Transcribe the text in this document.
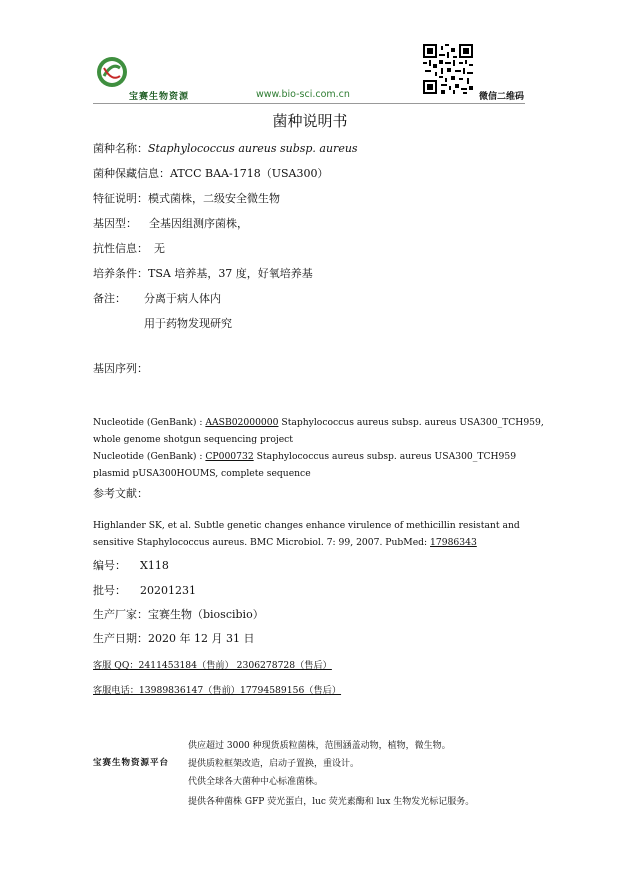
宝赛生物资源	www.bio-sci.com.cn	微信二维码
菌种说明书
菌种名称：Staphylococcus aureus subsp. aureus
菌种保藏信息：ATCC BAA-1718（USA300）
特征说明：模式菌株，二级安全微生物
基因型： 全基因组测序菌株，
抗性信息： 无
培养条件：TSA 培养基，37 度，好氧培养基
备注： 分离于病人体内
用于药物发现研究
基因序列：
Nucleotide (GenBank) : AASB02000000 Staphylococcus aureus subsp. aureus USA300_TCH959,
whole genome shotgun sequencing project
Nucleotide (GenBank) : CP000732 Staphylococcus aureus subsp. aureus USA300_TCH959
plasmid pUSA300HOUMS, complete sequence
参考文献：
Highlander SK, et al. Subtle genetic changes enhance virulence of methicillin resistant and
sensitive Staphylococcus aureus. BMC Microbiol. 7: 99, 2007. PubMed: 17986343
编号： X118
批号： 20201231
生产厂家：宝赛生物（bioscibio）
生产日期：2020 年 12 月 31 日
客服 QQ：2411453184（售前） 2306278728（售后）
客服电话：13989836147（售前）17794589156（售后）
宝赛生物资源平台
供应超过 3000 种现货质粒菌株，范围涵盖动物，植物，微生物。
提供质粒框架改造，启动子置换，重设计。
代供全球各大菌种中心标准菌株。
提供各种菌株 GFP 荧光蛋白，luc 荧光素酶和 lux 生物发光标记服务。
